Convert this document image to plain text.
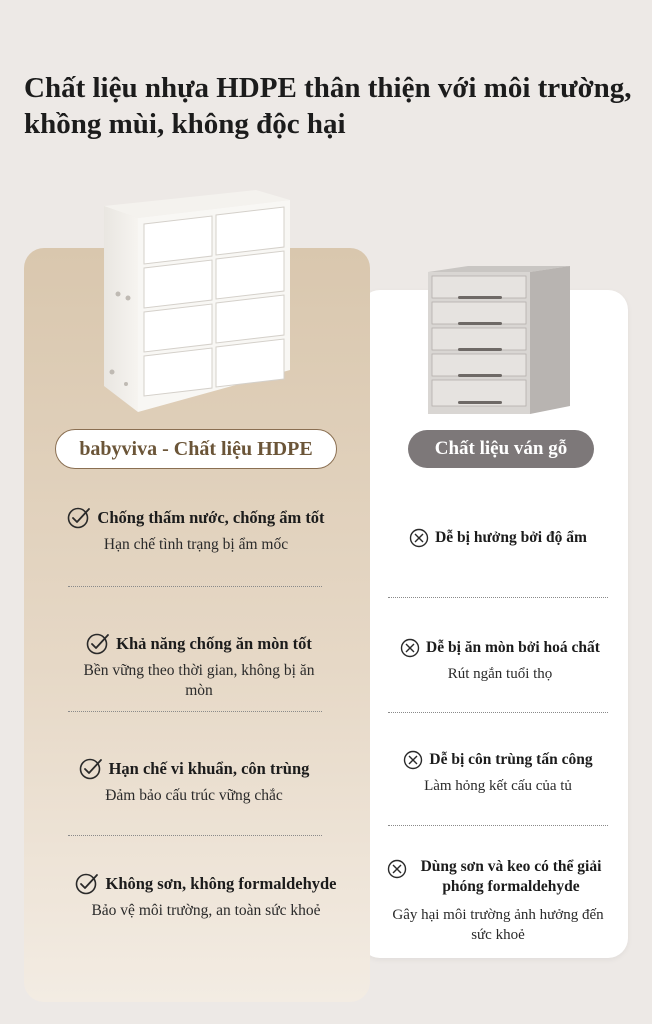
Chất liệu nhựa HDPE thân thiện với môi trường,
khồng mùi, không độc hại
babyviva - Chất liệu HDPE	Chất liệu ván gỗ
Chống thấm nước, chống ẩm tốt
Hạn chế tình trạng bị ẩm mốc
Khả năng chống ăn mòn tốt
Bền vững theo thời gian, không bị ăn mòn
Hạn chế vi khuẩn, côn trùng
Đảm bảo cấu trúc vững chắc
Không sơn, không formaldehyde
Bảo vệ môi trường, an toàn sức khoẻ
Dễ bị hưởng bởi độ ẩm
Dễ bị ăn mòn bởi hoá chất
Rút ngắn tuổi thọ
Dễ bị côn trùng tấn công
Làm hỏng kết cấu của tủ
Dùng sơn và keo có thể giải phóng formaldehyde
Gây hại môi trường ảnh hưởng đến sức khoẻ
